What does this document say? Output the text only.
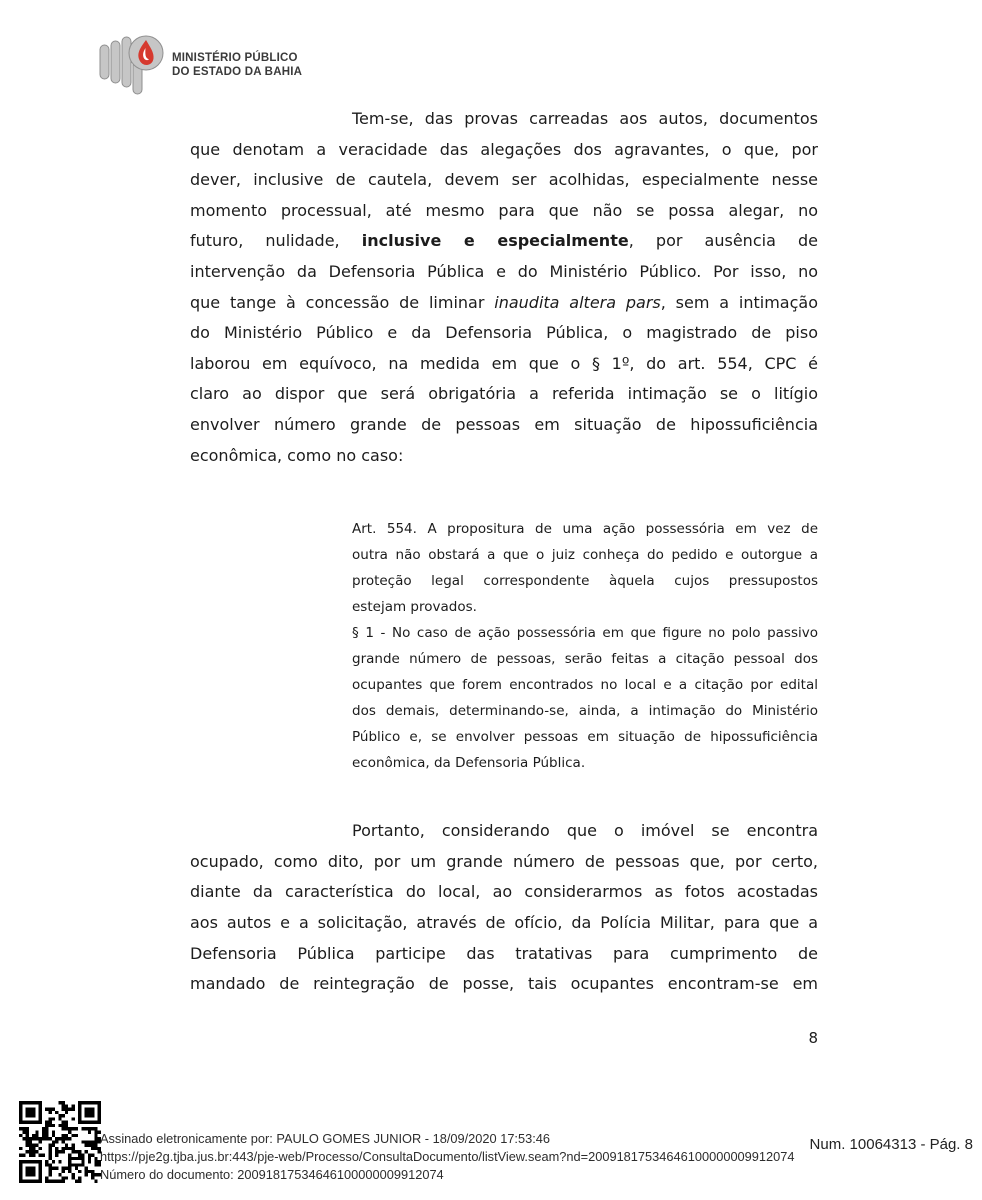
MINISTÉRIO PÚBLICO
DO ESTADO DA BAHIA
Tem-se, das provas carreadas aos autos, documentos
que denotam a veracidade das alegações dos agravantes, o que, por
dever, inclusive de cautela, devem ser acolhidas, especialmente nesse
momento processual, até mesmo para que não se possa alegar, no
futuro, nulidade, inclusive e especialmente, por ausência de
intervenção da Defensoria Pública e do Ministério Público. Por isso, no
que tange à concessão de liminar inaudita altera pars, sem a intimação
do Ministério Público e da Defensoria Pública, o magistrado de piso
laborou em equívoco, na medida em que o § 1º, do art. 554, CPC é
claro ao dispor que será obrigatória a referida intimação se o litígio
envolver número grande de pessoas em situação de hipossuficiência
econômica, como no caso:
Art. 554. A propositura de uma ação possessória em vez de
outra não obstará a que o juiz conheça do pedido e outorgue a
proteção legal correspondente àquela cujos pressupostos
estejam provados.
§ 1 - No caso de ação possessória em que figure no polo passivo
grande número de pessoas, serão feitas a citação pessoal dos
ocupantes que forem encontrados no local e a citação por edital
dos demais, determinando-se, ainda, a intimação do Ministério
Público e, se envolver pessoas em situação de hipossuficiência
econômica, da Defensoria Pública.
Portanto, considerando que o imóvel se encontra
ocupado, como dito, por um grande número de pessoas que, por certo,
diante da característica do local, ao considerarmos as fotos acostadas
aos autos e a solicitação, através de ofício, da Polícia Militar, para que a
Defensoria Pública participe das tratativas para cumprimento de
mandado de reintegração de posse, tais ocupantes encontram-se em
8
Assinado eletronicamente por: PAULO GOMES JUNIOR - 18/09/2020 17:53:46
https://pje2g.tjba.jus.br:443/pje-web/Processo/ConsultaDocumento/listView.seam?nd=20091817534646100000009912074
Número do documento: 20091817534646100000009912074
Num. 10064313 - Pág. 8
